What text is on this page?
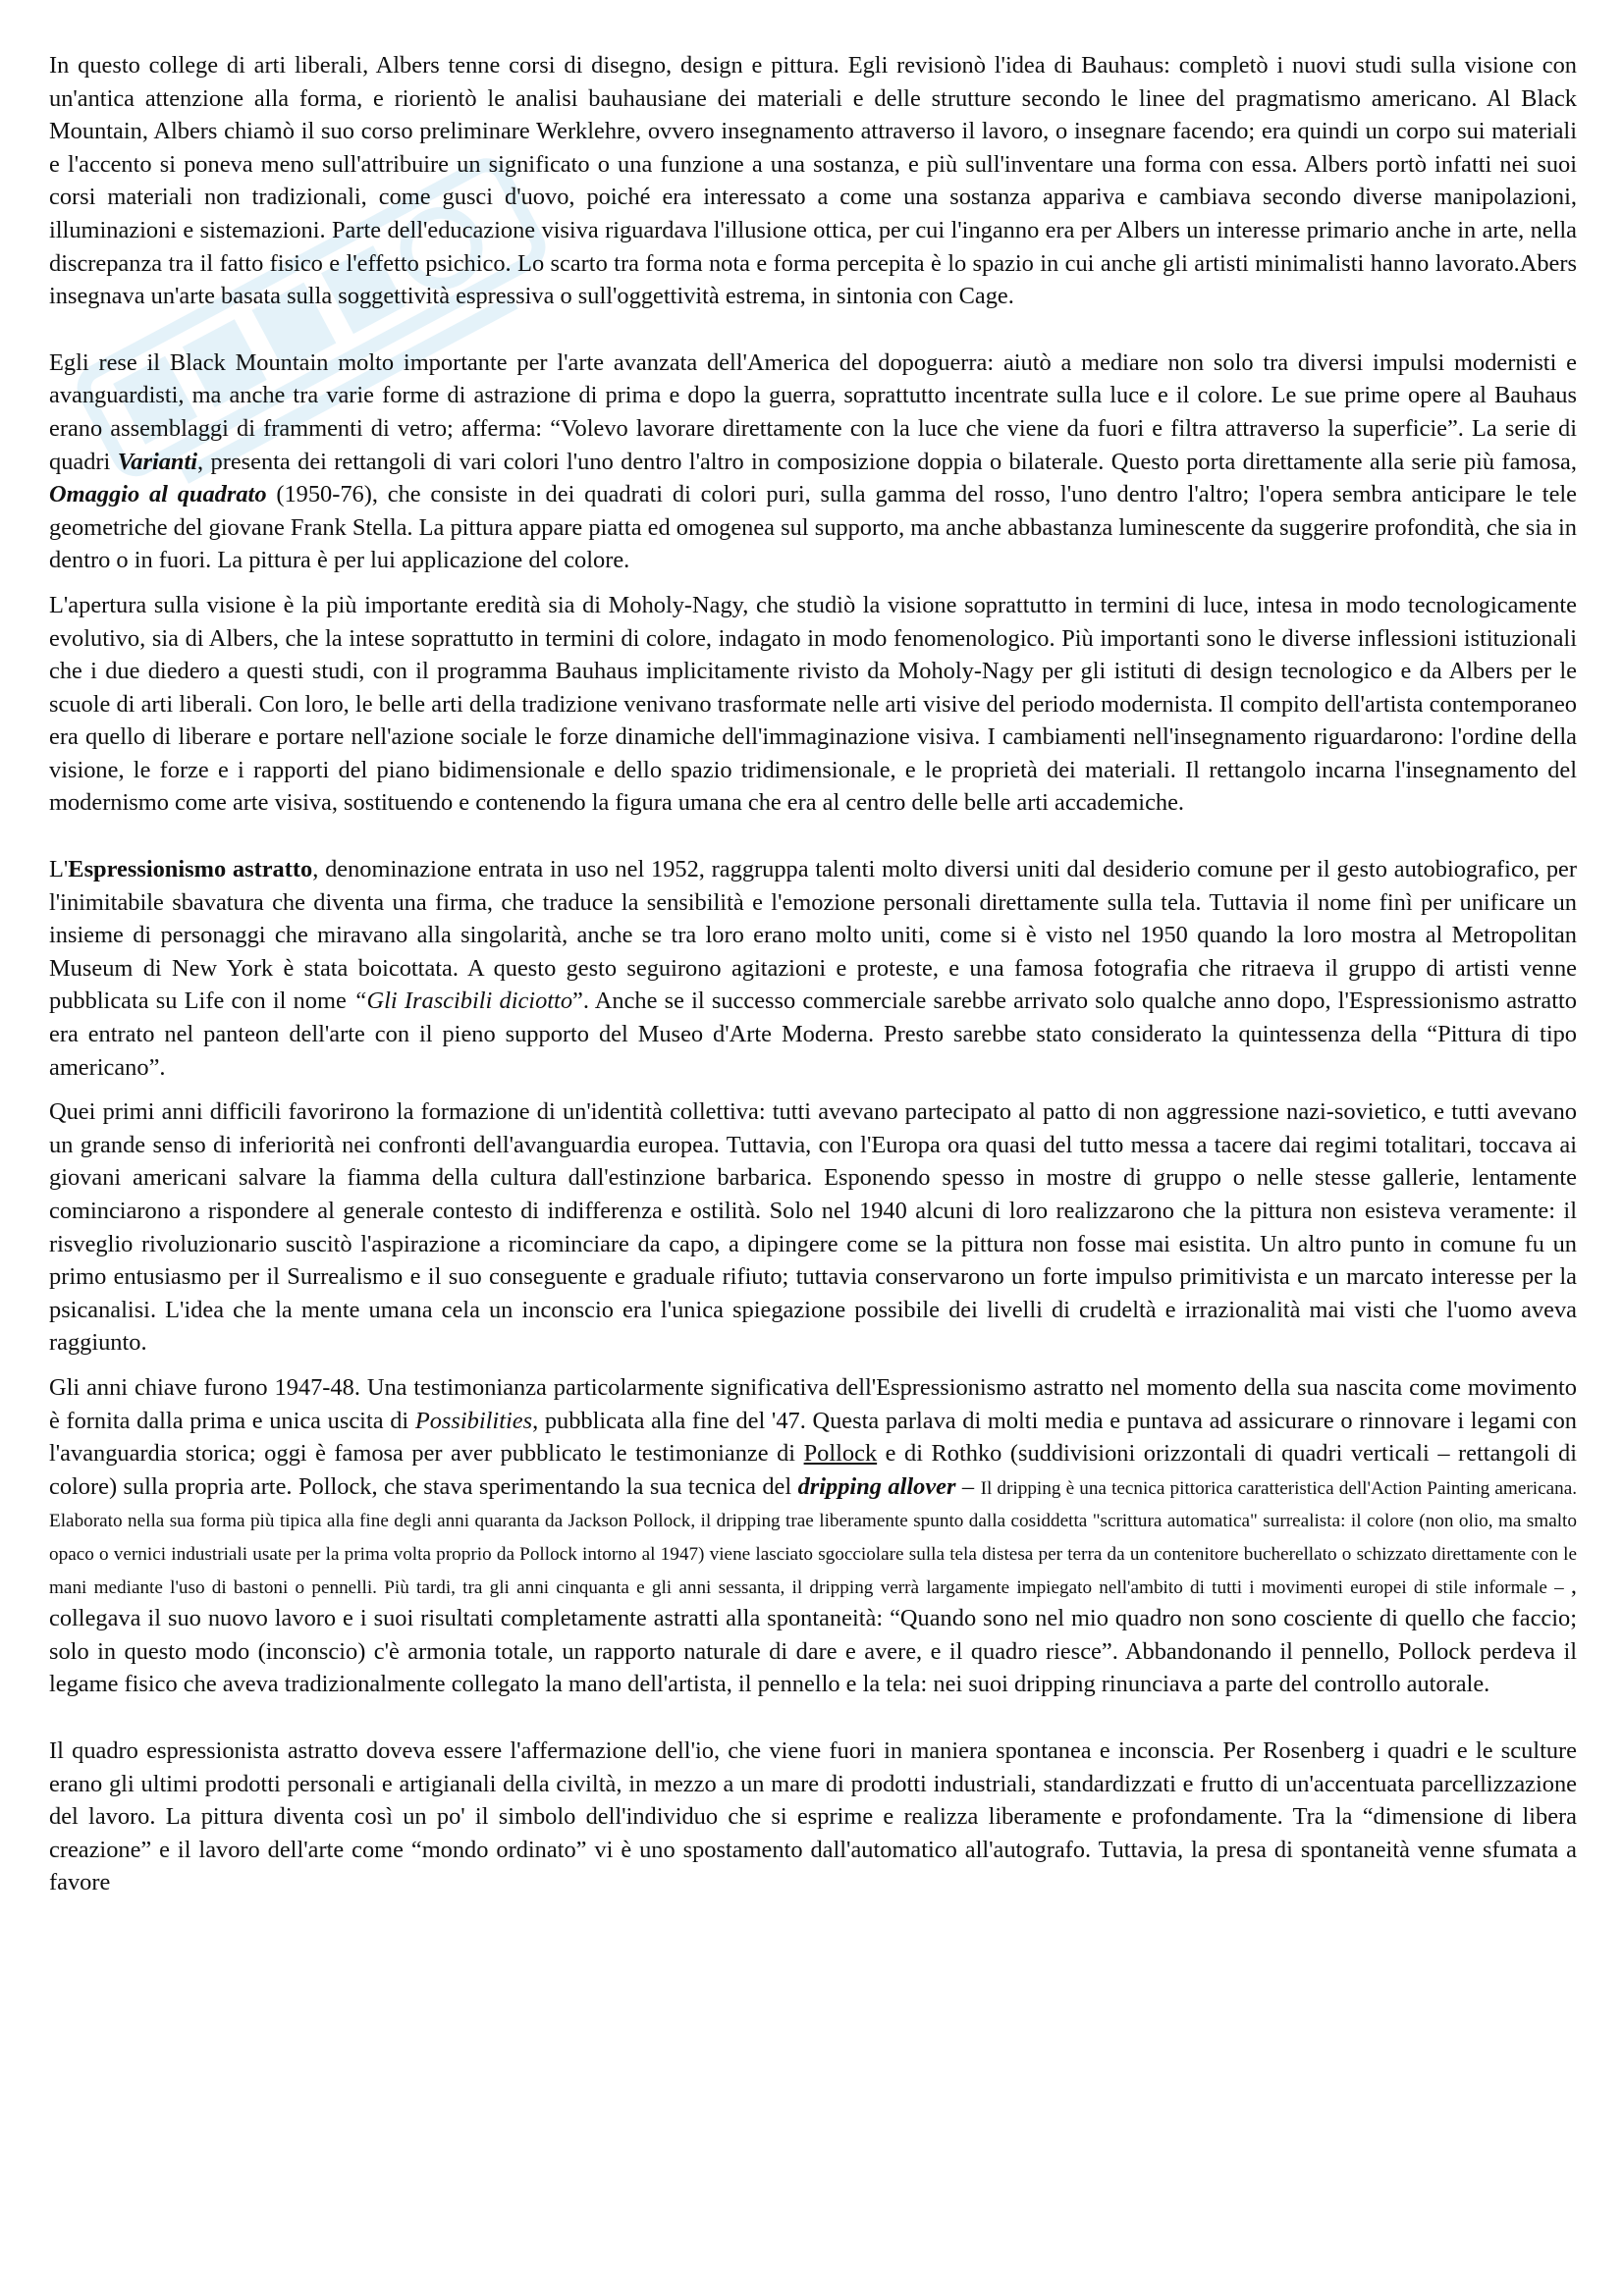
In questo college di arti liberali, Albers tenne corsi di disegno, design e pittura. Egli revisionò l'idea di Bauhaus: completò i nuovi studi sulla visione con un'antica attenzione alla forma, e riorientò le analisi bauhausiane dei materiali e delle strutture secondo le linee del pragmatismo americano. Al Black Mountain, Albers chiamò il suo corso preliminare Werklehre, ovvero insegnamento attraverso il lavoro, o insegnare facendo; era quindi un corpo sui materiali e l'accento si poneva meno sull'attribuire un significato o una funzione a una sostanza, e più sull'inventare una forma con essa. Albers portò infatti nei suoi corsi materiali non tradizionali, come gusci d'uovo, poiché era interessato a come una sostanza appariva e cambiava secondo diverse manipolazioni, illuminazioni e sistemazioni. Parte dell'educazione visiva riguardava l'illusione ottica, per cui l'inganno era per Albers un interesse primario anche in arte, nella discrepanza tra il fatto fisico e l'effetto psichico. Lo scarto tra forma nota e forma percepita è lo spazio in cui anche gli artisti minimalisti hanno lavorato.Abers insegnava un'arte basata sulla soggettività espressiva o sull'oggettività estrema, in sintonia con Cage.

Egli rese il Black Mountain molto importante per l'arte avanzata dell'America del dopoguerra: aiutò a mediare non solo tra diversi impulsi modernisti e avanguardisti, ma anche tra varie forme di astrazione di prima e dopo la guerra, soprattutto incentrate sulla luce e il colore. Le sue prime opere al Bauhaus erano assemblaggi di frammenti di vetro; afferma: “Volevo lavorare direttamente con la luce che viene da fuori e filtra attraverso la superficie”. La serie di quadri Varianti, presenta dei rettangoli di vari colori l'uno dentro l'altro in composizione doppia o bilaterale. Questo porta direttamente alla serie più famosa, Omaggio al quadrato (1950-76), che consiste in dei quadrati di colori puri, sulla gamma del rosso, l'uno dentro l'altro; l'opera sembra anticipare le tele geometriche del giovane Frank Stella. La pittura appare piatta ed omogenea sul supporto, ma anche abbastanza luminescente da suggerire profondità, che sia in dentro o in fuori. La pittura è per lui applicazione del colore.

L'apertura sulla visione è la più importante eredità sia di Moholy-Nagy, che studiò la visione soprattutto in termini di luce, intesa in modo tecnologicamente evolutivo, sia di Albers, che la intese soprattutto in termini di colore, indagato in modo fenomenologico. Più importanti sono le diverse inflessioni istituzionali che i due diedero a questi studi, con il programma Bauhaus implicitamente rivisto da Moholy-Nagy per gli istituti di design tecnologico e da Albers per le scuole di arti liberali. Con loro, le belle arti della tradizione venivano trasformate nelle arti visive del periodo modernista. Il compito dell'artista contemporaneo era quello di liberare e portare nell'azione sociale le forze dinamiche dell'immaginazione visiva. I cambiamenti nell'insegnamento riguardarono: l'ordine della visione, le forze e i rapporti del piano bidimensionale e dello spazio tridimensionale, e le proprietà dei materiali. Il rettangolo incarna l'insegnamento del modernismo come arte visiva, sostituendo e contenendo la figura umana che era al centro delle belle arti accademiche.

L'Espressionismo astratto, denominazione entrata in uso nel 1952, raggruppa talenti molto diversi uniti dal desiderio comune per il gesto autobiografico, per l'inimitabile sbavatura che diventa una firma, che traduce la sensibilità e l'emozione personali direttamente sulla tela. Tuttavia il nome finì per unificare un insieme di personaggi che miravano alla singolarità, anche se tra loro erano molto uniti, come si è visto nel 1950 quando la loro mostra al Metropolitan Museum di New York è stata boicottata. A questo gesto seguirono agitazioni e proteste, e una famosa fotografia che ritraeva il gruppo di artisti venne pubblicata su Life con il nome “Gli Irascibili diciotto”. Anche se il successo commerciale sarebbe arrivato solo qualche anno dopo, l'Espressionismo astratto era entrato nel panteon dell'arte con il pieno supporto del Museo d'Arte Moderna. Presto sarebbe stato considerato la quintessenza della “Pittura di tipo americano”.

Quei primi anni difficili favorirono la formazione di un'identità collettiva: tutti avevano partecipato al patto di non aggressione nazi-sovietico, e tutti avevano un grande senso di inferiorità nei confronti dell'avanguardia europea. Tuttavia, con l'Europa ora quasi del tutto messa a tacere dai regimi totalitari, toccava ai giovani americani salvare la fiamma della cultura dall'estinzione barbarica. Esponendo spesso in mostre di gruppo o nelle stesse gallerie, lentamente cominciarono a rispondere al generale contesto di indifferenza e ostilità. Solo nel 1940 alcuni di loro realizzarono che la pittura non esisteva veramente: il risveglio rivoluzionario suscitò l'aspirazione a ricominciare da capo, a dipingere come se la pittura non fosse mai esistita. Un altro punto in comune fu un primo entusiasmo per il Surrealismo e il suo conseguente e graduale rifiuto; tuttavia conservarono un forte impulso primitivista e un marcato interesse per la psicanalisi. L'idea che la mente umana cela un inconscio era l'unica spiegazione possibile dei livelli di crudeltà e irrazionalità mai visti che l'uomo aveva raggiunto.

Gli anni chiave furono 1947-48. Una testimonianza particolarmente significativa dell'Espressionismo astratto nel momento della sua nascita come movimento è fornita dalla prima e unica uscita di Possibilities, pubblicata alla fine del '47. Questa parlava di molti media e puntava ad assicurare o rinnovare i legami con l'avanguardia storica; oggi è famosa per aver pubblicato le testimonianze di Pollock e di Rothko (suddivisioni orizzontali di quadri verticali – rettangoli di colore) sulla propria arte. Pollock, che stava sperimentando la sua tecnica del dripping allover – Il dripping è una tecnica pittorica caratteristica dell'Action Painting americana. Elaborato nella sua forma più tipica alla fine degli anni quaranta da Jackson Pollock, il dripping trae liberamente spunto dalla cosiddetta "scrittura automatica" surrealista: il colore (non olio, ma smalto opaco o vernici industriali usate per la prima volta proprio da Pollock intorno al 1947) viene lasciato sgocciolare sulla tela distesa per terra da un contenitore bucherellato o schizzato direttamente con le mani mediante l'uso di bastoni o pennelli. Più tardi, tra gli anni cinquanta e gli anni sessanta, il dripping verrà largamente impiegato nell'ambito di tutti i movimenti europei di stile informale – , collegava il suo nuovo lavoro e i suoi risultati completamente astratti alla spontaneità: “Quando sono nel mio quadro non sono cosciente di quello che faccio; solo in questo modo (inconscio) c'è armonia totale, un rapporto naturale di dare e avere, e il quadro riesce”. Abbandonando il pennello, Pollock perdeva il legame fisico che aveva tradizionalmente collegato la mano dell'artista, il pennello e la tela: nei suoi dripping rinunciava a parte del controllo autorale.

Il quadro espressionista astratto doveva essere l'affermazione dell'io, che viene fuori in maniera spontanea e inconscia. Per Rosenberg i quadri e le sculture erano gli ultimi prodotti personali e artigianali della civiltà, in mezzo a un mare di prodotti industriali, standardizzati e frutto di un'accentuata parcellizzazione del lavoro. La pittura diventa così un po' il simbolo dell'individuo che si esprime e realizza liberamente e profondamente. Tra la “dimensione di libera creazione” e il lavoro dell'arte come “mondo ordinato” vi è uno spostamento dall'automatico all'autografo. Tuttavia, la presa di spontaneità venne sfumata a favore
